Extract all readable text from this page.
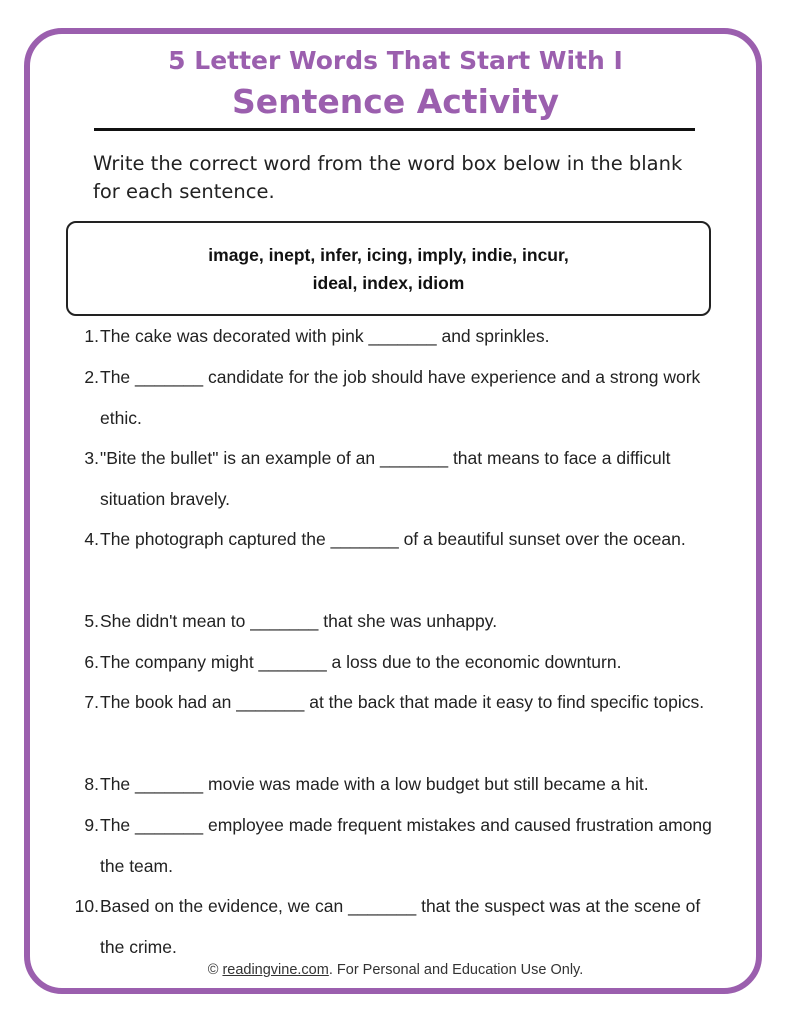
5 Letter Words That Start With I
Sentence Activity
Write the correct word from the word box below in the blank for each sentence.
image, inept, infer, icing, imply, indie, incur,
ideal, index, idiom
1. The cake was decorated with pink _______ and sprinkles.
2. The _______ candidate for the job should have experience and a strong work ethic.
3. "Bite the bullet" is an example of an _______ that means to face a difficult situation bravely.
4. The photograph captured the _______ of a beautiful sunset over the ocean.
5. She didn't mean to _______ that she was unhappy.
6. The company might _______ a loss due to the economic downturn.
7. The book had an _______ at the back that made it easy to find specific topics.
8. The _______ movie was made with a low budget but still became a hit.
9. The _______ employee made frequent mistakes and caused frustration among the team.
10. Based on the evidence, we can _______ that the suspect was at the scene of the crime.
© readingvine.com. For Personal and Education Use Only.
